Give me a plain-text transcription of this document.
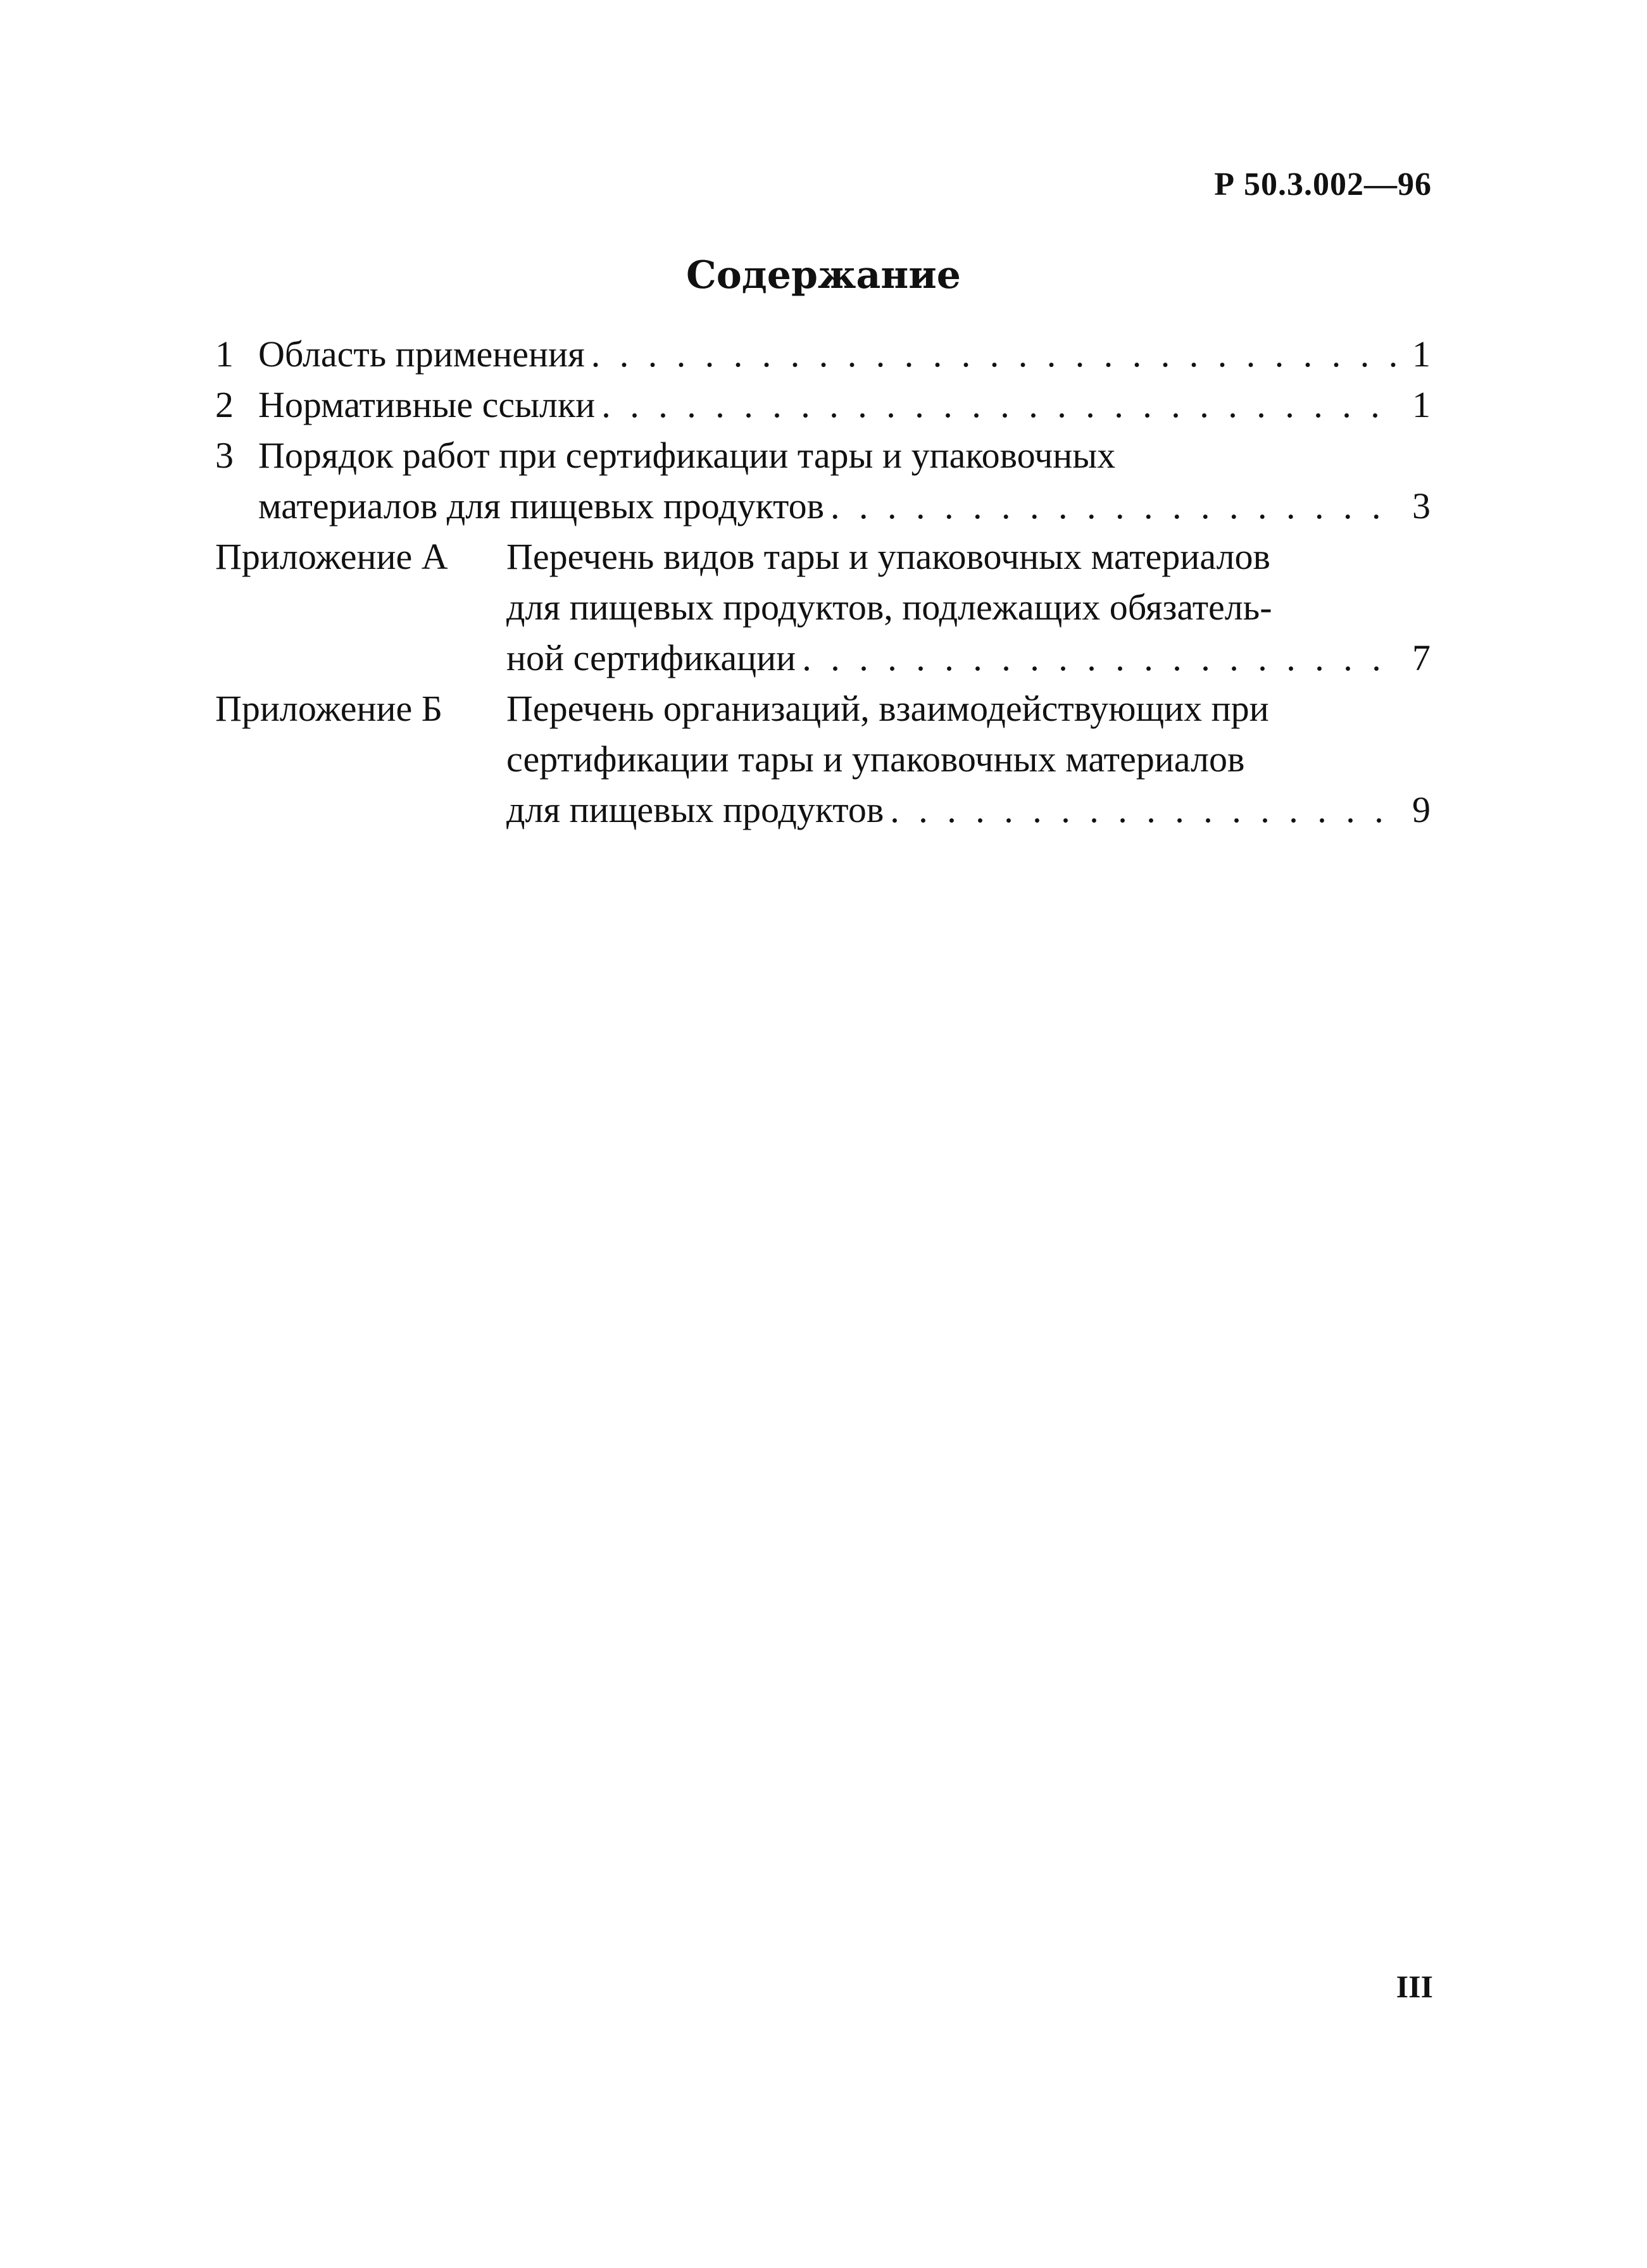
Р 50.3.002—96
Содержание
1 Область применения . . .	1
2 Нормативные ссылки . . .	1
3 Порядок работ при сертификации тары и упаковочных
материалов для пищевых продуктов . . .	3
Приложение А	Перечень видов тары и упаковочных материалов
для пищевых продуктов, подлежащих обязатель-
ной сертификации . . .	7
Приложение Б	Перечень организаций, взаимодействующих при
сертификации тары и упаковочных материалов
для пищевых продуктов . . .	9
III
